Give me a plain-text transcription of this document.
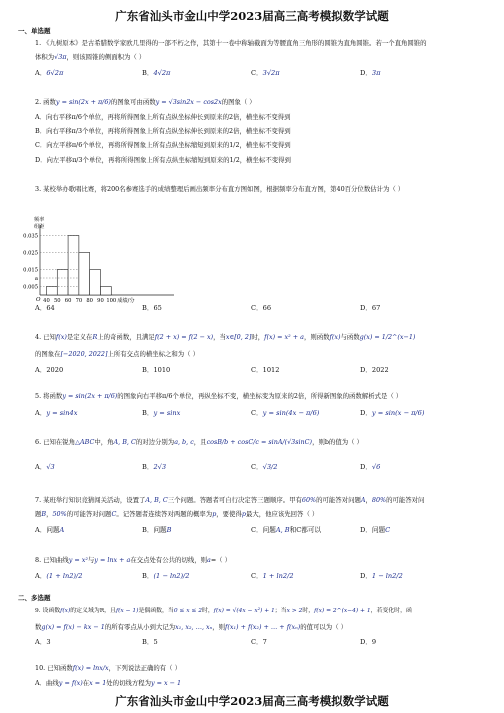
广东省汕头市金山中学2023届高三高考模拟数学试题
一、单选题
1. 《九树原本》是古希腊数学家欧几里得的一部不朽之作，其第十一卷中称轴截面为等腰直角三角形的圆锥为直角圆锥。若一个直角圆锥的
体积为√3π，则该圆锥的侧面积为（ ）
A．6√2π	B．4√2π	C．3√2π	D．3π
2. 函数y = sin(2x + π/6)的图象可由函数y = √3sin2x − cos2x的图象（ ）
A．向右平移π/6个单位，再将所得图象上所有点纵坐标伸长到原来的2倍，横坐标不变得到
B．向右平移π/3个单位，再将所得图象上所有点纵坐标伸长到原来的2倍，横坐标不变得到
C．向左平移π/6个单位，再将所得图象上所有点纵坐标缩短到原来的1/2，横坐标不变得到
D．向左平移π/3个单位，再将所得图象上所有点纵坐标缩短到原来的1/2，横坐标不变得到
3. 某校举办歌唱比赛，将200名参赛选手的成绩整理后画出频率分布直方图如图，根据频率分布直方图，第40百分位数估计为（ ）
0.035
0.025
0.015
a
0.005
40 50 60 70 80 90 100
O	成绩/分
频率
组距
A．64	B．65	C．66	D．67
4. 已知f(x)是定义在R上的奇函数，且满足f(2 + x) = f(2 − x)，当x∈[0, 2]时，f(x) = x² + a，则函数f(x)与函数g(x) = 1/2^(x−1)
的图象在[−2020, 2022]上所有交点的横坐标之和为（ ）
A．2020	B．1010	C．1012	D．2022
5. 将函数y = sin(2x + π/6)的图象向右平移π/6个单位，再纵坐标不变，横坐标变为原来的2倍，所得新图象的函数解析式是（ ）
A．y = sin4x	B．y = sinx	C．y = sin(4x − π/6)	D．y = sin(x − π/6)
6. 已知在锐角△ABC中，角A, B, C的对边分别为a, b, c，且cosB/b + cosC/c = sinA/(√3sinC)，则b的值为（ ）
A．√3	B．2√3	C．√3/2	D．√6
7. 某班举行知识竞猜闯关活动，设置了A, B, C三个问题。答题者可自行决定答三题顺序。甲有60%的可能答对问题A，80%的可能答对问
题B，50%的可能答对问题C。记答题者连续答对两题的概率为p，要使得p最大，他应该先回答（ ）
A．问题A	B．问题B	C．问题A, B和C都可以	D．问题C
8. 已知曲线y = x²与y = lnx + a在交点处有公共的切线，则a=（ ）
A．(1 + ln2)/2	B．(1 − ln2)/2	C．1 + ln2/2	D．1 − ln2/2
二、多选题
9. 设函数f(x)的定义域为R，且f(x − 1)是偶函数，当0 ≤ x ≤ 2时，f(x) = √(4x − x²) + 1；当x > 2时，f(x) = 2^(x−4) + 1，若变化时，函
数g(x) = f(x) − kx − 1的所有零点从小到大记为x₁, x₂, …, xₙ，则f(x₁) + f(x₂) + … + f(xₙ)的值可以为（ ）
A．3	B．5	C．7	D．9
10. 已知函数f(x) = lnx/x，下列说法正确的有（ ）
A．曲线y = f(x)在x = 1处的切线方程为y = x − 1
广东省汕头市金山中学2023届高三高考模拟数学试题
